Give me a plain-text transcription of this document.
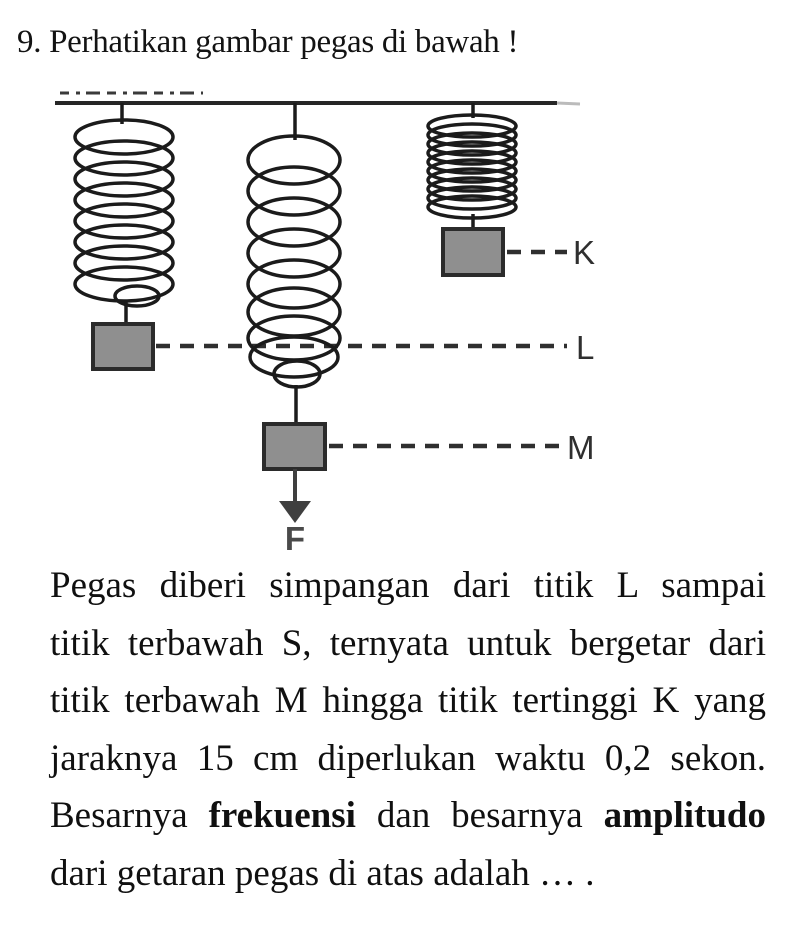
9. Perhatikan gambar pegas di bawah !
F
K
L
M
Pegas diberi simpangan dari titik L sampai
titik terbawah S, ternyata untuk bergetar dari
titik terbawah M hingga titik tertinggi K yang
jaraknya 15 cm diperlukan waktu 0,2 sekon.
Besarnya frekuensi dan besarnya amplitudo
dari getaran pegas di atas adalah … .
